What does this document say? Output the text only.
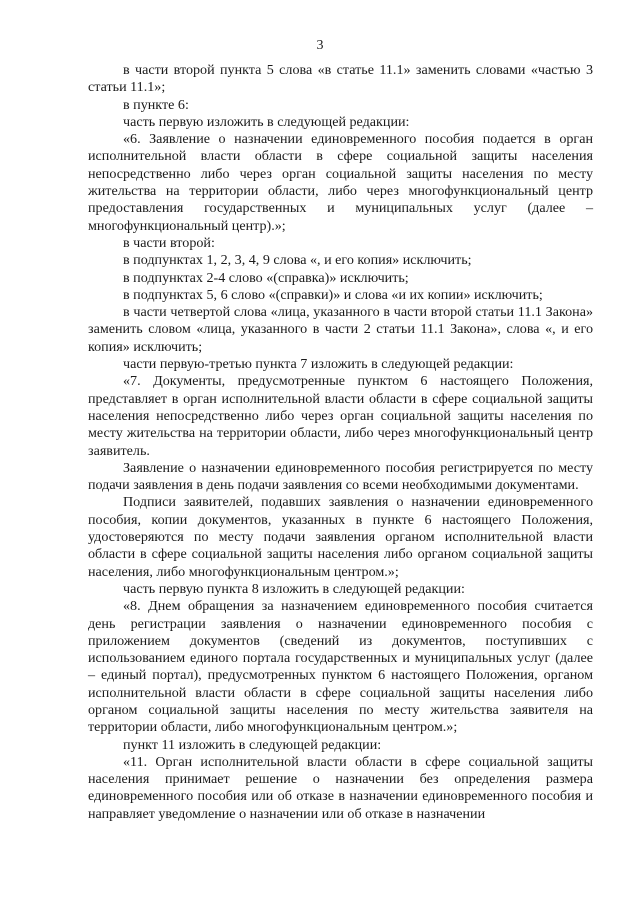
3

в части второй пункта 5 слова «в статье 11.1» заменить словами «частью 3 статьи 11.1»;

в пункте 6:

часть первую изложить в следующей редакции:

«6. Заявление о назначении единовременного пособия подается в орган исполнительной власти области в сфере социальной защиты населения непосредственно либо через орган социальной защиты населения по месту жительства на территории области, либо через многофункциональный центр предоставления государственных и муниципальных услуг (далее – многофункциональный центр).»;

в части второй:

в подпунктах 1, 2, 3, 4, 9 слова «, и его копия» исключить;

в подпунктах 2-4 слово «(справка)» исключить;

в подпунктах 5, 6 слово «(справки)» и слова «и их копии» исключить;

в части четвертой слова «лица, указанного в части второй статьи 11.1 Закона» заменить словом «лица, указанного в части 2 статьи 11.1 Закона», слова «, и его копия» исключить;

части первую-третью пункта 7 изложить в следующей редакции:

«7. Документы, предусмотренные пунктом 6 настоящего Положения, представляет в орган исполнительной власти области в сфере социальной защиты населения непосредственно либо через орган социальной защиты населения по месту жительства на территории области, либо через многофункциональный центр заявитель.

Заявление о назначении единовременного пособия регистрируется по месту подачи заявления в день подачи заявления со всеми необходимыми документами.

Подписи заявителей, подавших заявления о назначении единовременного пособия, копии документов, указанных в пункте 6 настоящего Положения, удостоверяются по месту подачи заявления органом исполнительной власти области в сфере социальной защиты населения либо органом социальной защиты населения, либо многофункциональным центром.»;

часть первую пункта 8 изложить в следующей редакции:

«8. Днем обращения за назначением единовременного пособия считается день регистрации заявления о назначении единовременного пособия с приложением документов (сведений из документов, поступивших с использованием единого портала государственных и муниципальных услуг (далее – единый портал), предусмотренных пунктом 6 настоящего Положения, органом исполнительной власти области в сфере социальной защиты населения либо органом социальной защиты населения по месту жительства заявителя на территории области, либо многофункциональным центром.»;

пункт 11 изложить в следующей редакции:

«11. Орган исполнительной власти области в сфере социальной защиты населения принимает решение о назначении без определения размера единовременного пособия или об отказе в назначении единовременного пособия и направляет уведомление о назначении или об отказе в назначении
